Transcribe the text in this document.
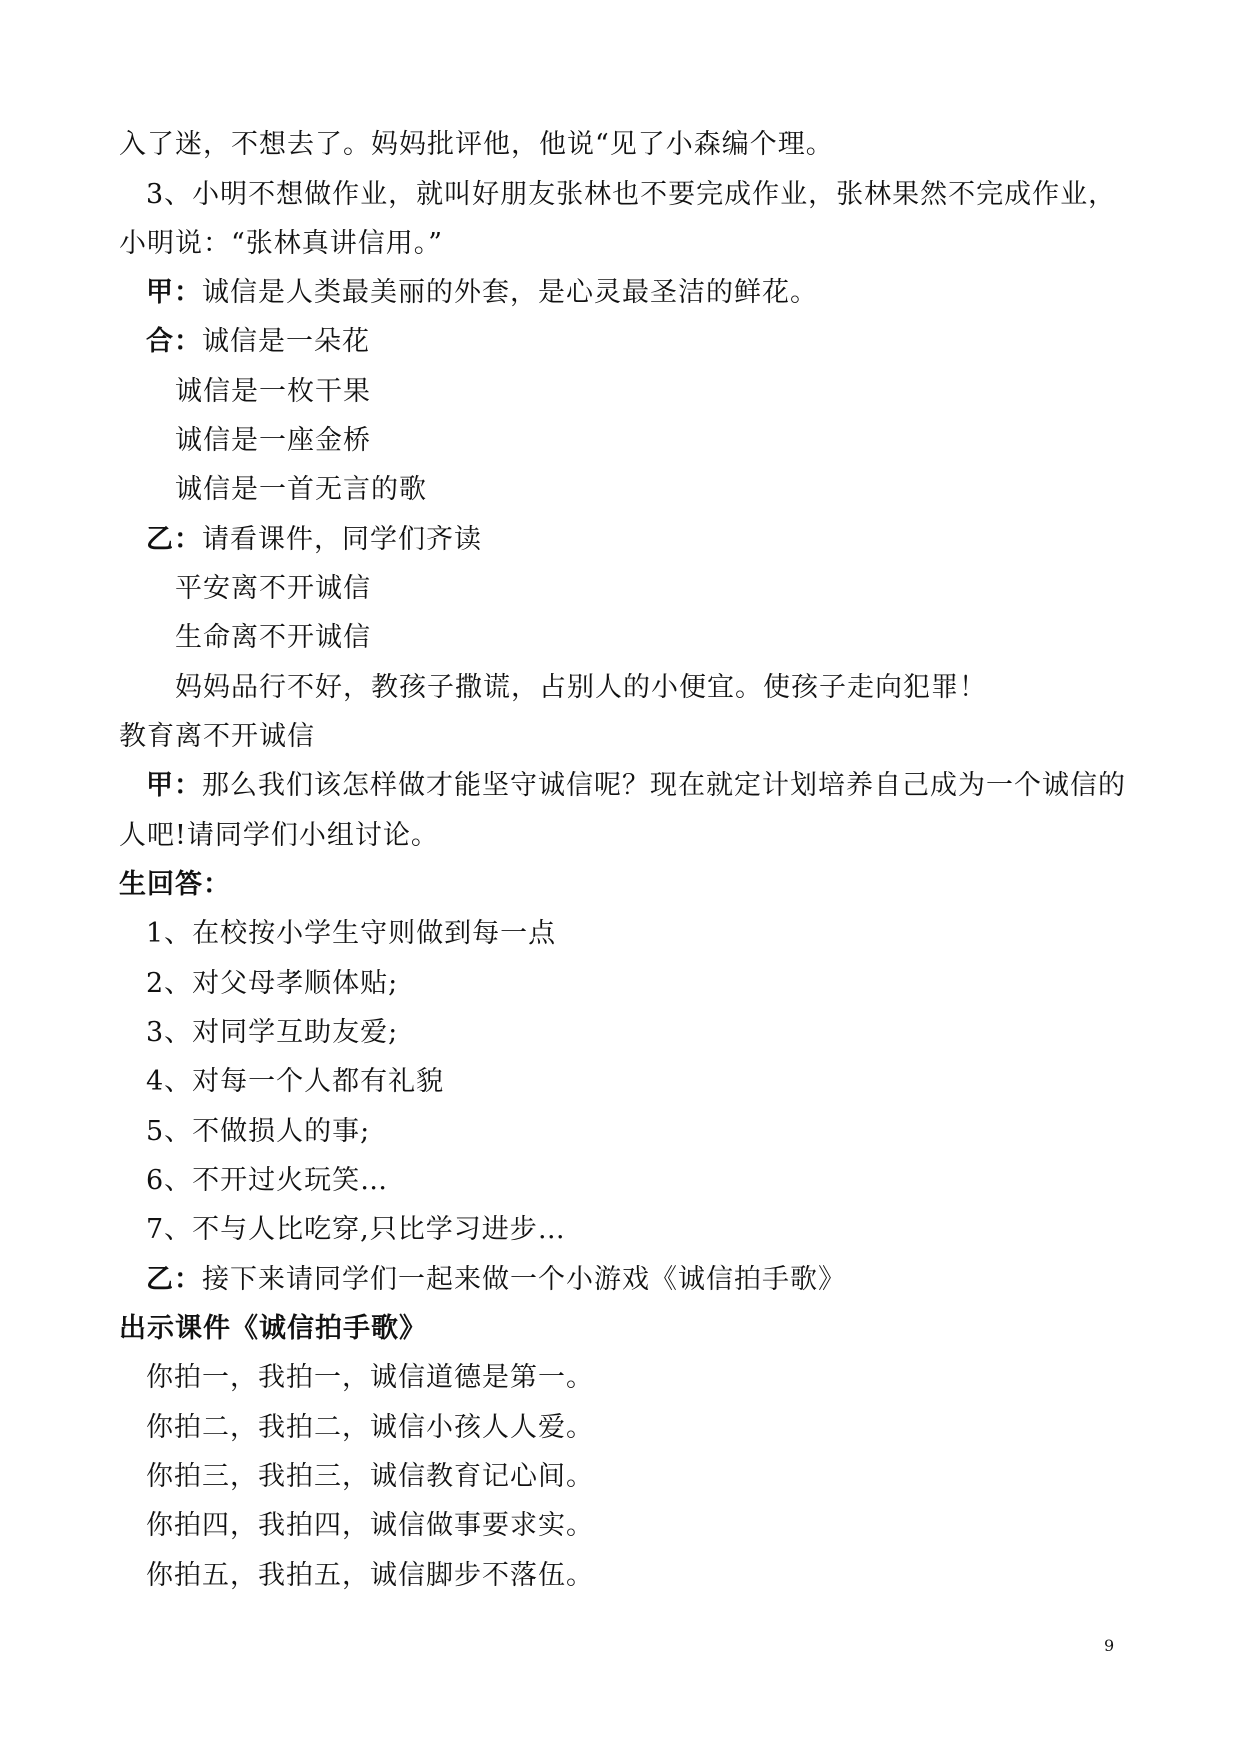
入了迷，不想去了。妈妈批评他，他说“见了小森编个理。
3、小明不想做作业，就叫好朋友张林也不要完成作业，张林果然不完成作业，
小明说：“张林真讲信用。”
甲：诚信是人类最美丽的外套，是心灵最圣洁的鲜花。
合：诚信是一朵花
诚信是一枚干果
诚信是一座金桥
诚信是一首无言的歌
乙：请看课件，同学们齐读
平安离不开诚信
生命离不开诚信
妈妈品行不好，教孩子撒谎，占别人的小便宜。使孩子走向犯罪！
教育离不开诚信
甲：那么我们该怎样做才能坚守诚信呢？现在就定计划培养自己成为一个诚信的
人吧!请同学们小组讨论。
生回答：
1、在校按小学生守则做到每一点
2、对父母孝顺体贴;
3、对同学互助友爱;
4、对每一个人都有礼貌
5、不做损人的事;
6、不开过火玩笑…
7、不与人比吃穿,只比学习进步…
乙：接下来请同学们一起来做一个小游戏《诚信拍手歌》
出示课件《诚信拍手歌》
你拍一，我拍一，诚信道德是第一。
你拍二，我拍二，诚信小孩人人爱。
你拍三，我拍三，诚信教育记心间。
你拍四，我拍四，诚信做事要求实。
你拍五，我拍五，诚信脚步不落伍。
9
